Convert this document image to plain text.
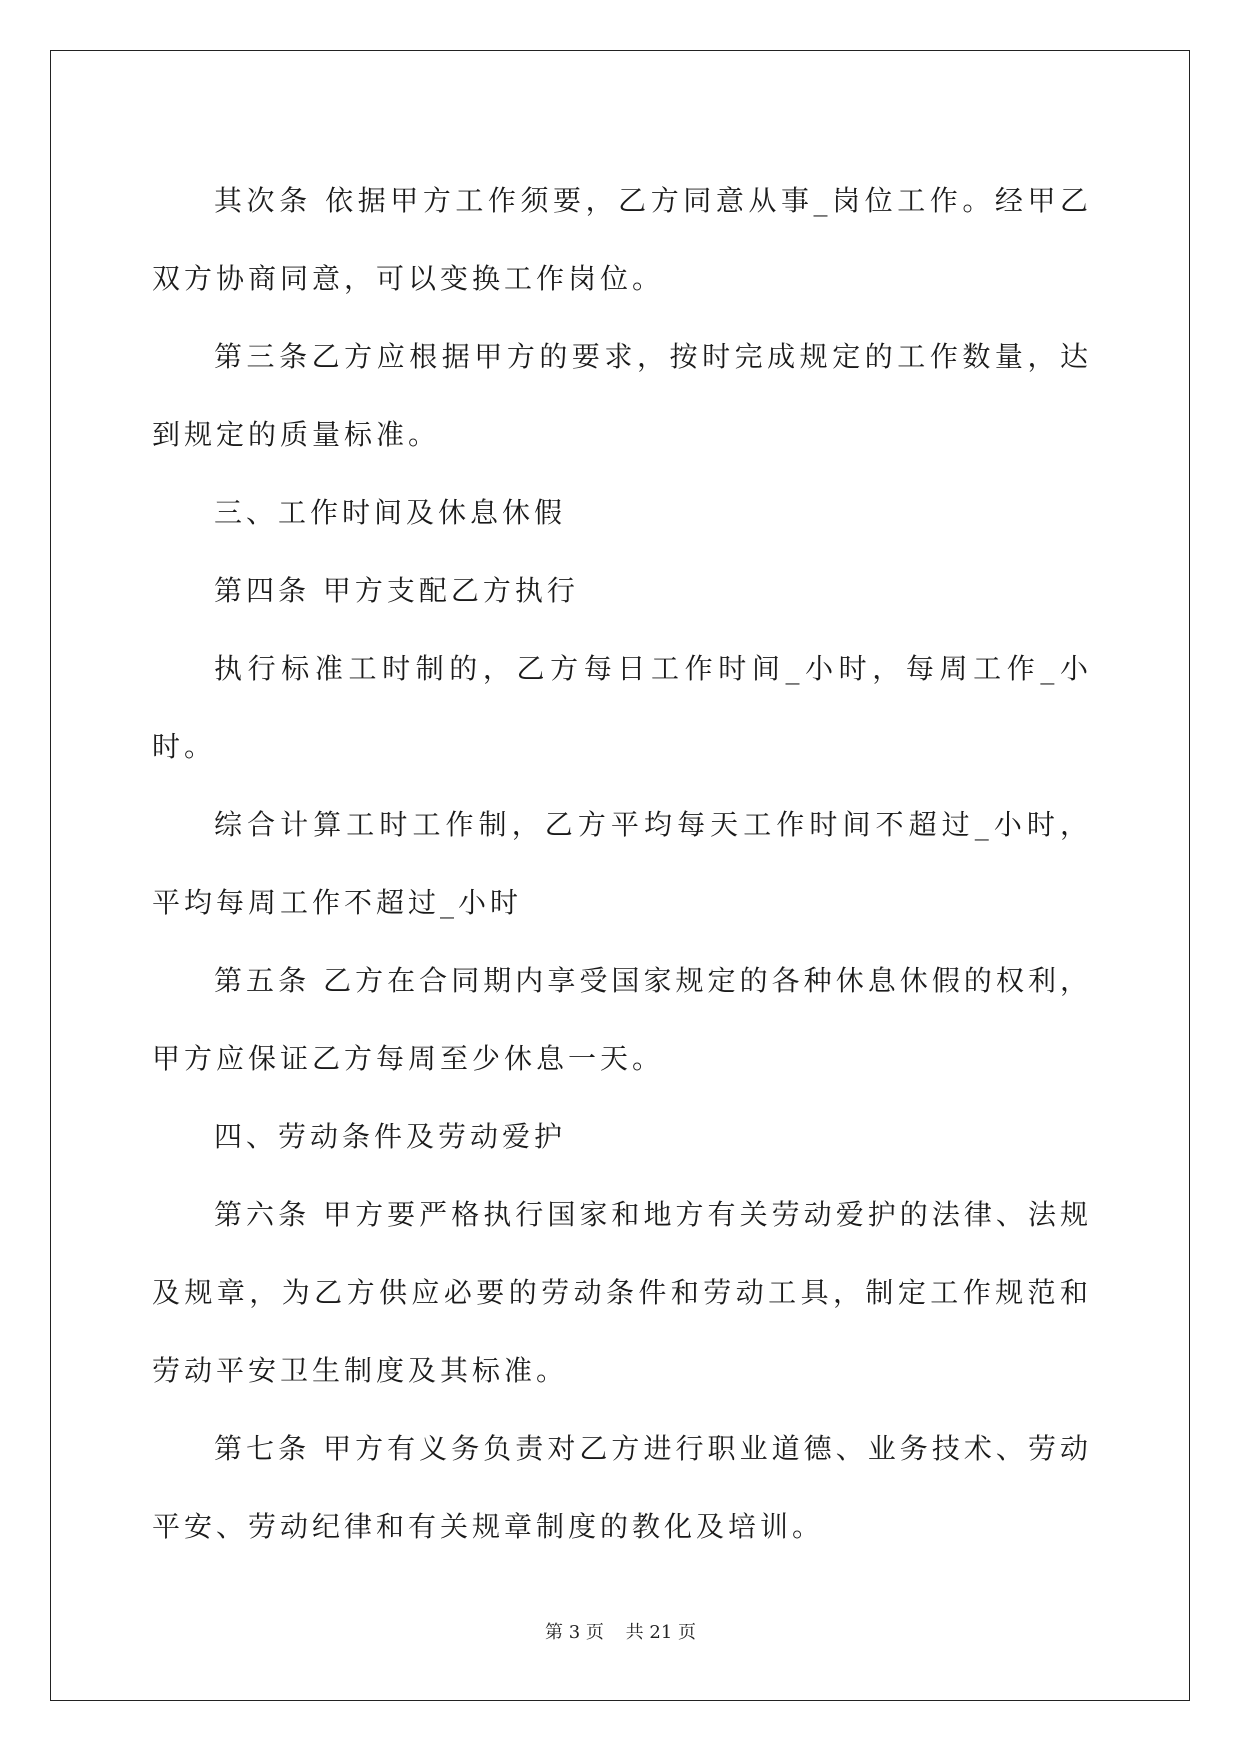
其次条 依据甲方工作须要，乙方同意从事_岗位工作。经甲乙双方协商同意，可以变换工作岗位。

第三条乙方应根据甲方的要求，按时完成规定的工作数量，达到规定的质量标准。

三、工作时间及休息休假

第四条 甲方支配乙方执行

执行标准工时制的，乙方每日工作时间_小时，每周工作_小时。

综合计算工时工作制，乙方平均每天工作时间不超过_小时，平均每周工作不超过_小时

第五条 乙方在合同期内享受国家规定的各种休息休假的权利，甲方应保证乙方每周至少休息一天。

四、劳动条件及劳动爱护

第六条 甲方要严格执行国家和地方有关劳动爱护的法律、法规及规章，为乙方供应必要的劳动条件和劳动工具，制定工作规范和劳动平安卫生制度及其标准。

第七条 甲方有义务负责对乙方进行职业道德、业务技术、劳动平安、劳动纪律和有关规章制度的教化及培训。

第 3 页 共 21 页
